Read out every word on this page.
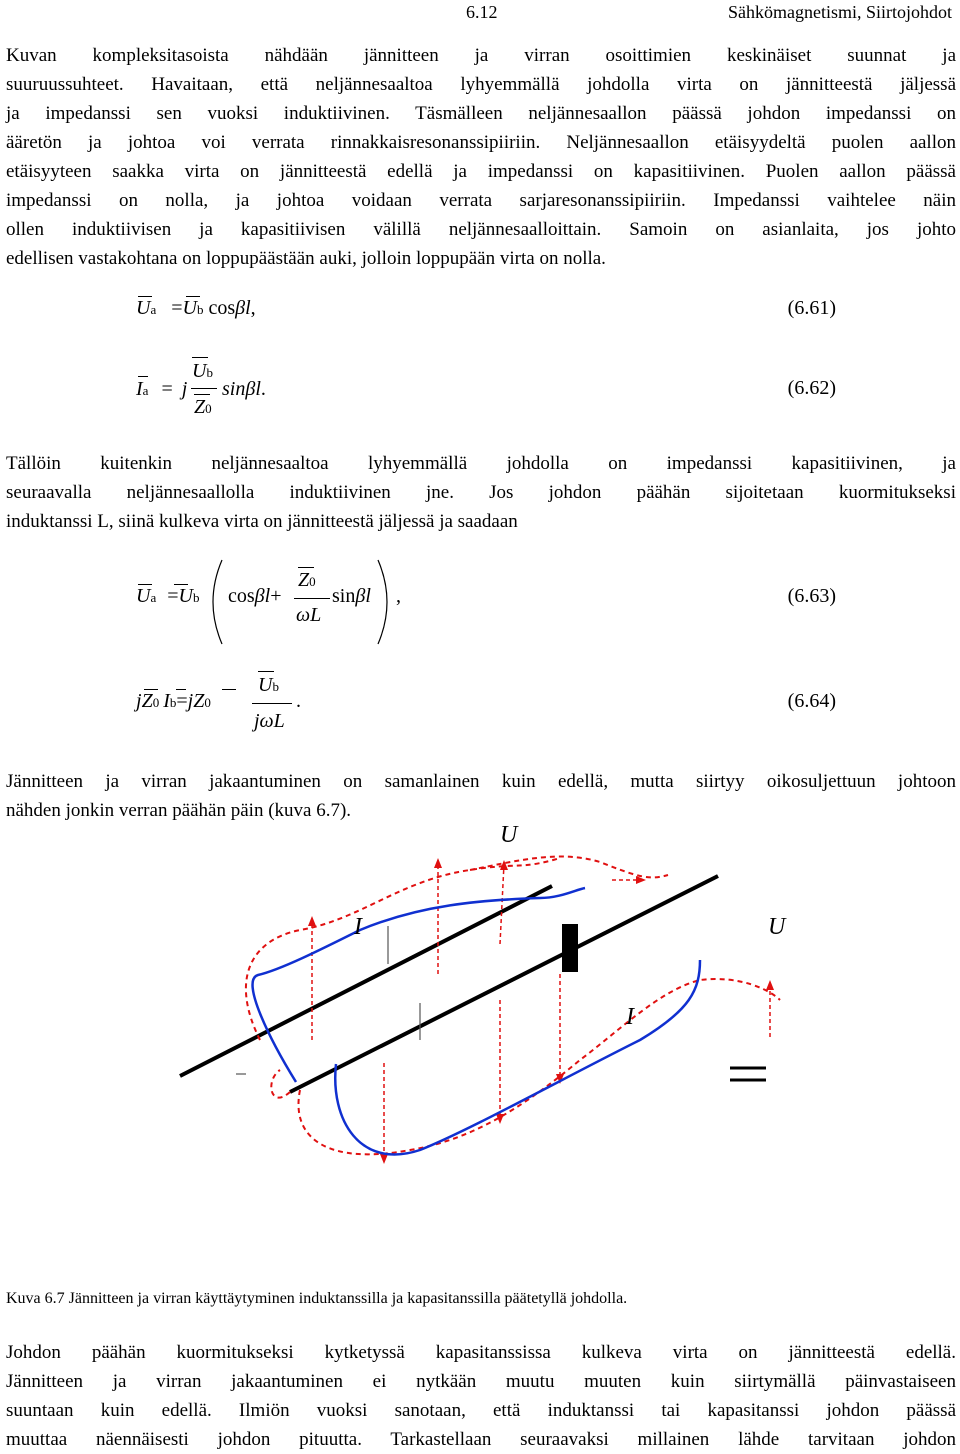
6.12	Sähkömagnetismi, Siirtojohdot
Kuvan kompleksitasoista nähdään jännitteen ja virran osoittimien keskinäiset suunnat ja
suuruussuhteet. Havaitaan, että neljännesaaltoa lyhyemmällä johdolla virta on jännitteestä jäljessä
ja impedanssi sen vuoksi induktiivinen. Täsmälleen neljännesaallon päässä johdon impedanssi on
ääretön ja johtoa voi verrata rinnakkaisresonanssipiiriin. Neljännesaallon etäisyydeltä puolen aallon
etäisyyteen saakka virta on jännitteestä edellä ja impedanssi on kapasitiivinen. Puolen aallon päässä
impedanssi on nolla, ja johtoa voidaan verrata sarjaresonanssipiiriin. Impedanssi vaihtelee näin
ollen induktiivisen ja kapasitiivisen välillä neljännesaalloittain. Samoin on asianlaita, jos johto
edellisen vastakohtana on loppupäästään auki, jolloin loppupään virta on nolla.
Ua =Ub cosβl,	(6.61)
Ia = j
Ub
Z0
sinβl.	(6.62)
Tällöin kuitenkin neljännesaaltoa lyhyemmällä johdolla on impedanssi kapasitiivinen, ja
seuraavalla neljännesaallolla induktiivinen jne. Jos johdon päähän sijoitetaan kuormitukseksi
induktanssi L, siinä kulkeva virta on jännitteestä jäljessä ja saadaan
Ua =Ub cosβl+
Z0
ωL
sinβl ,	(6.63)
jZ0 Ib=jZ0
Ub
jωL
.	(6.64)
Jännitteen ja virran jakaantuminen on samanlainen kuin edellä, mutta siirtyy oikosuljettuun johtoon
nähden jonkin verran päähän päin (kuva 6.7).
U
I	U
I
Kuva 6.7 Jännitteen ja virran käyttäytyminen induktanssilla ja kapasitanssilla päätetyllä johdolla.
Johdon päähän kuormitukseksi kytketyssä kapasitanssissa kulkeva virta on jännitteestä edellä.
Jännitteen ja virran jakaantuminen ei nytkään muutu muuten kuin siirtymällä päinvastaiseen
suuntaan kuin edellä. Ilmiön vuoksi sanotaan, että induktanssi tai kapasitanssi johdon päässä
muuttaa näennäisesti johdon pituutta. Tarkastellaan seuraavaksi millainen lähde tarvitaan johdon
